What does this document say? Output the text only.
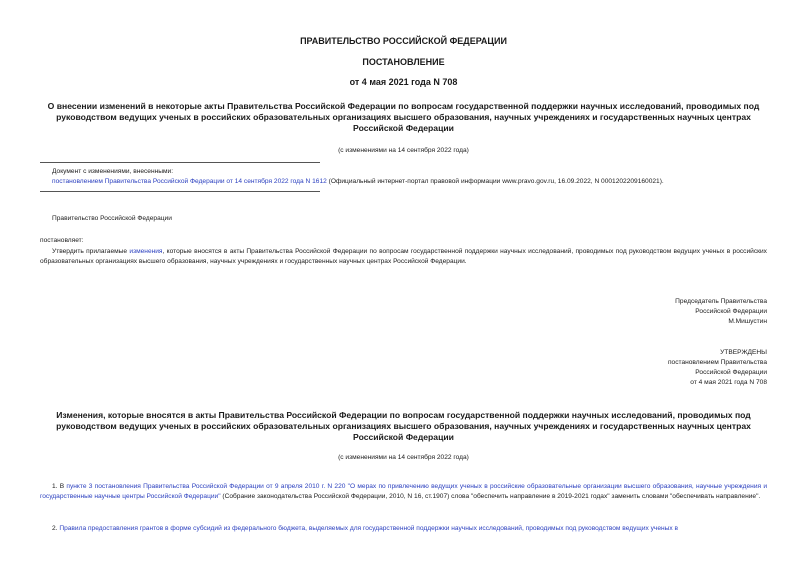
ПРАВИТЕЛЬСТВО РОССИЙСКОЙ ФЕДЕРАЦИИ
ПОСТАНОВЛЕНИЕ
от 4 мая 2021 года N 708
О внесении изменений в некоторые акты Правительства Российской Федерации по вопросам государственной поддержки научных исследований, проводимых под руководством ведущих ученых в российских образовательных организациях высшего образования, научных учреждениях и государственных научных центрах Российской Федерации
(с изменениями на 14 сентября 2022 года)
Документ с изменениями, внесенными:
постановлением Правительства Российской Федерации от 14 сентября 2022 года N 1612 (Официальный интернет-портал правовой информации www.pravo.gov.ru, 16.09.2022, N 0001202209160021).
Правительство Российской Федерации
постановляет:
Утвердить прилагаемые изменения, которые вносятся в акты Правительства Российской Федерации по вопросам государственной поддержки научных исследований, проводимых под руководством ведущих ученых в российских образовательных организациях высшего образования, научных учреждениях и государственных научных центрах Российской Федерации.
Председатель Правительства
Российской Федерации
М.Мишустин
УТВЕРЖДЕНЫ
постановлением Правительства
Российской Федерации
от 4 мая 2021 года N 708
Изменения, которые вносятся в акты Правительства Российской Федерации по вопросам государственной поддержки научных исследований, проводимых под руководством ведущих ученых в российских образовательных организациях высшего образования, научных учреждениях и государственных научных центрах Российской Федерации
(с изменениями на 14 сентября 2022 года)
1. В пункте 3 постановления Правительства Российской Федерации от 9 апреля 2010 г. N 220 "О мерах по привлечению ведущих ученых в российские образовательные организации высшего образования, научные учреждения и государственные научные центры Российской Федерации" (Собрание законодательства Российской Федерации, 2010, N 16, ст.1907) слова "обеспечить направление в 2019-2021 годах" заменить словами "обеспечивать направление".
2. Правила предоставления грантов в форме субсидий из федерального бюджета, выделяемых для государственной поддержки научных исследований, проводимых под руководством ведущих ученых в
